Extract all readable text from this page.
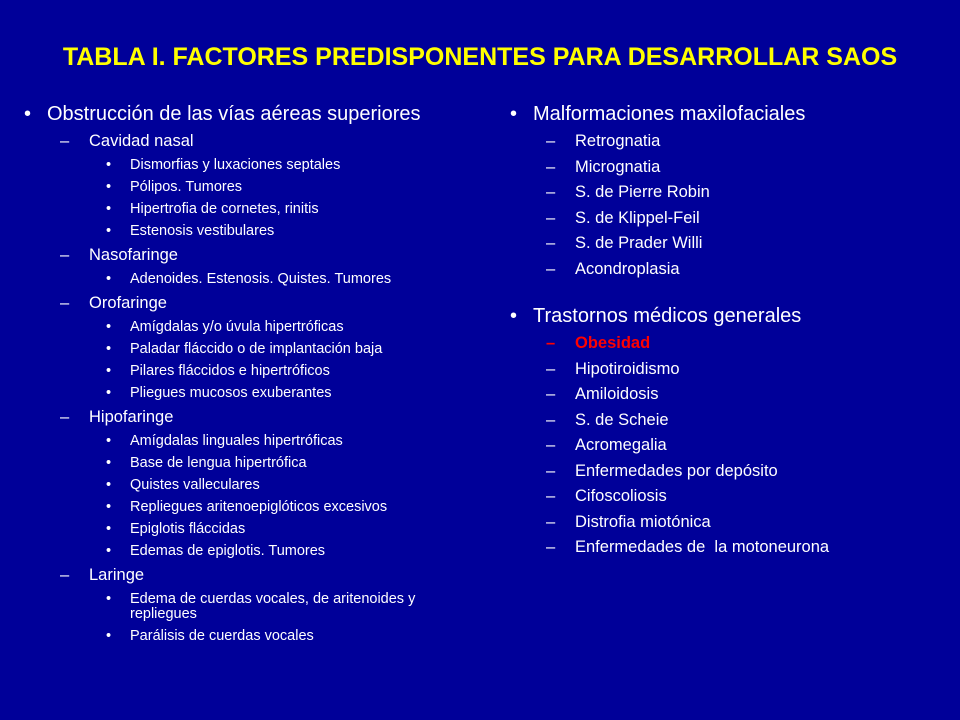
TABLA I. FACTORES PREDISPONENTES PARA DESARROLLAR SAOS
• Obstrucción de las vías aéreas superiores
– Cavidad nasal
• Dismorfias y luxaciones septales
• Pólipos. Tumores
• Hipertrofia de cornetes, rinitis
• Estenosis vestibulares
– Nasofaringe
• Adenoides. Estenosis. Quistes. Tumores
– Orofaringe
• Amígdalas y/o úvula hipertróficas
• Paladar fláccido o de implantación baja
• Pilares fláccidos e hipertróficos
• Pliegues mucosos exuberantes
– Hipofaringe
• Amígdalas linguales hipertróficas
• Base de lengua hipertrófica
• Quistes valleculares
• Repliegues aritenoepiglóticos excesivos
• Epiglotis fláccidas
• Edemas de epiglotis. Tumores
– Laringe
• Edema de cuerdas vocales, de aritenoides y repliegues
• Parálisis de cuerdas vocales
• Malformaciones maxilofaciales
– Retrognatia
– Micrognatia
– S. de Pierre Robin
– S. de Klippel-Feil
– S. de Prader Willi
– Acondroplasia
• Trastornos médicos generales
– Obesidad
– Hipotiroidismo
– Amiloidosis
– S. de Scheie
– Acromegalia
– Enfermedades por depósito
– Cifoscoliosis
– Distrofia miotónica
– Enfermedades de  la motoneurona
